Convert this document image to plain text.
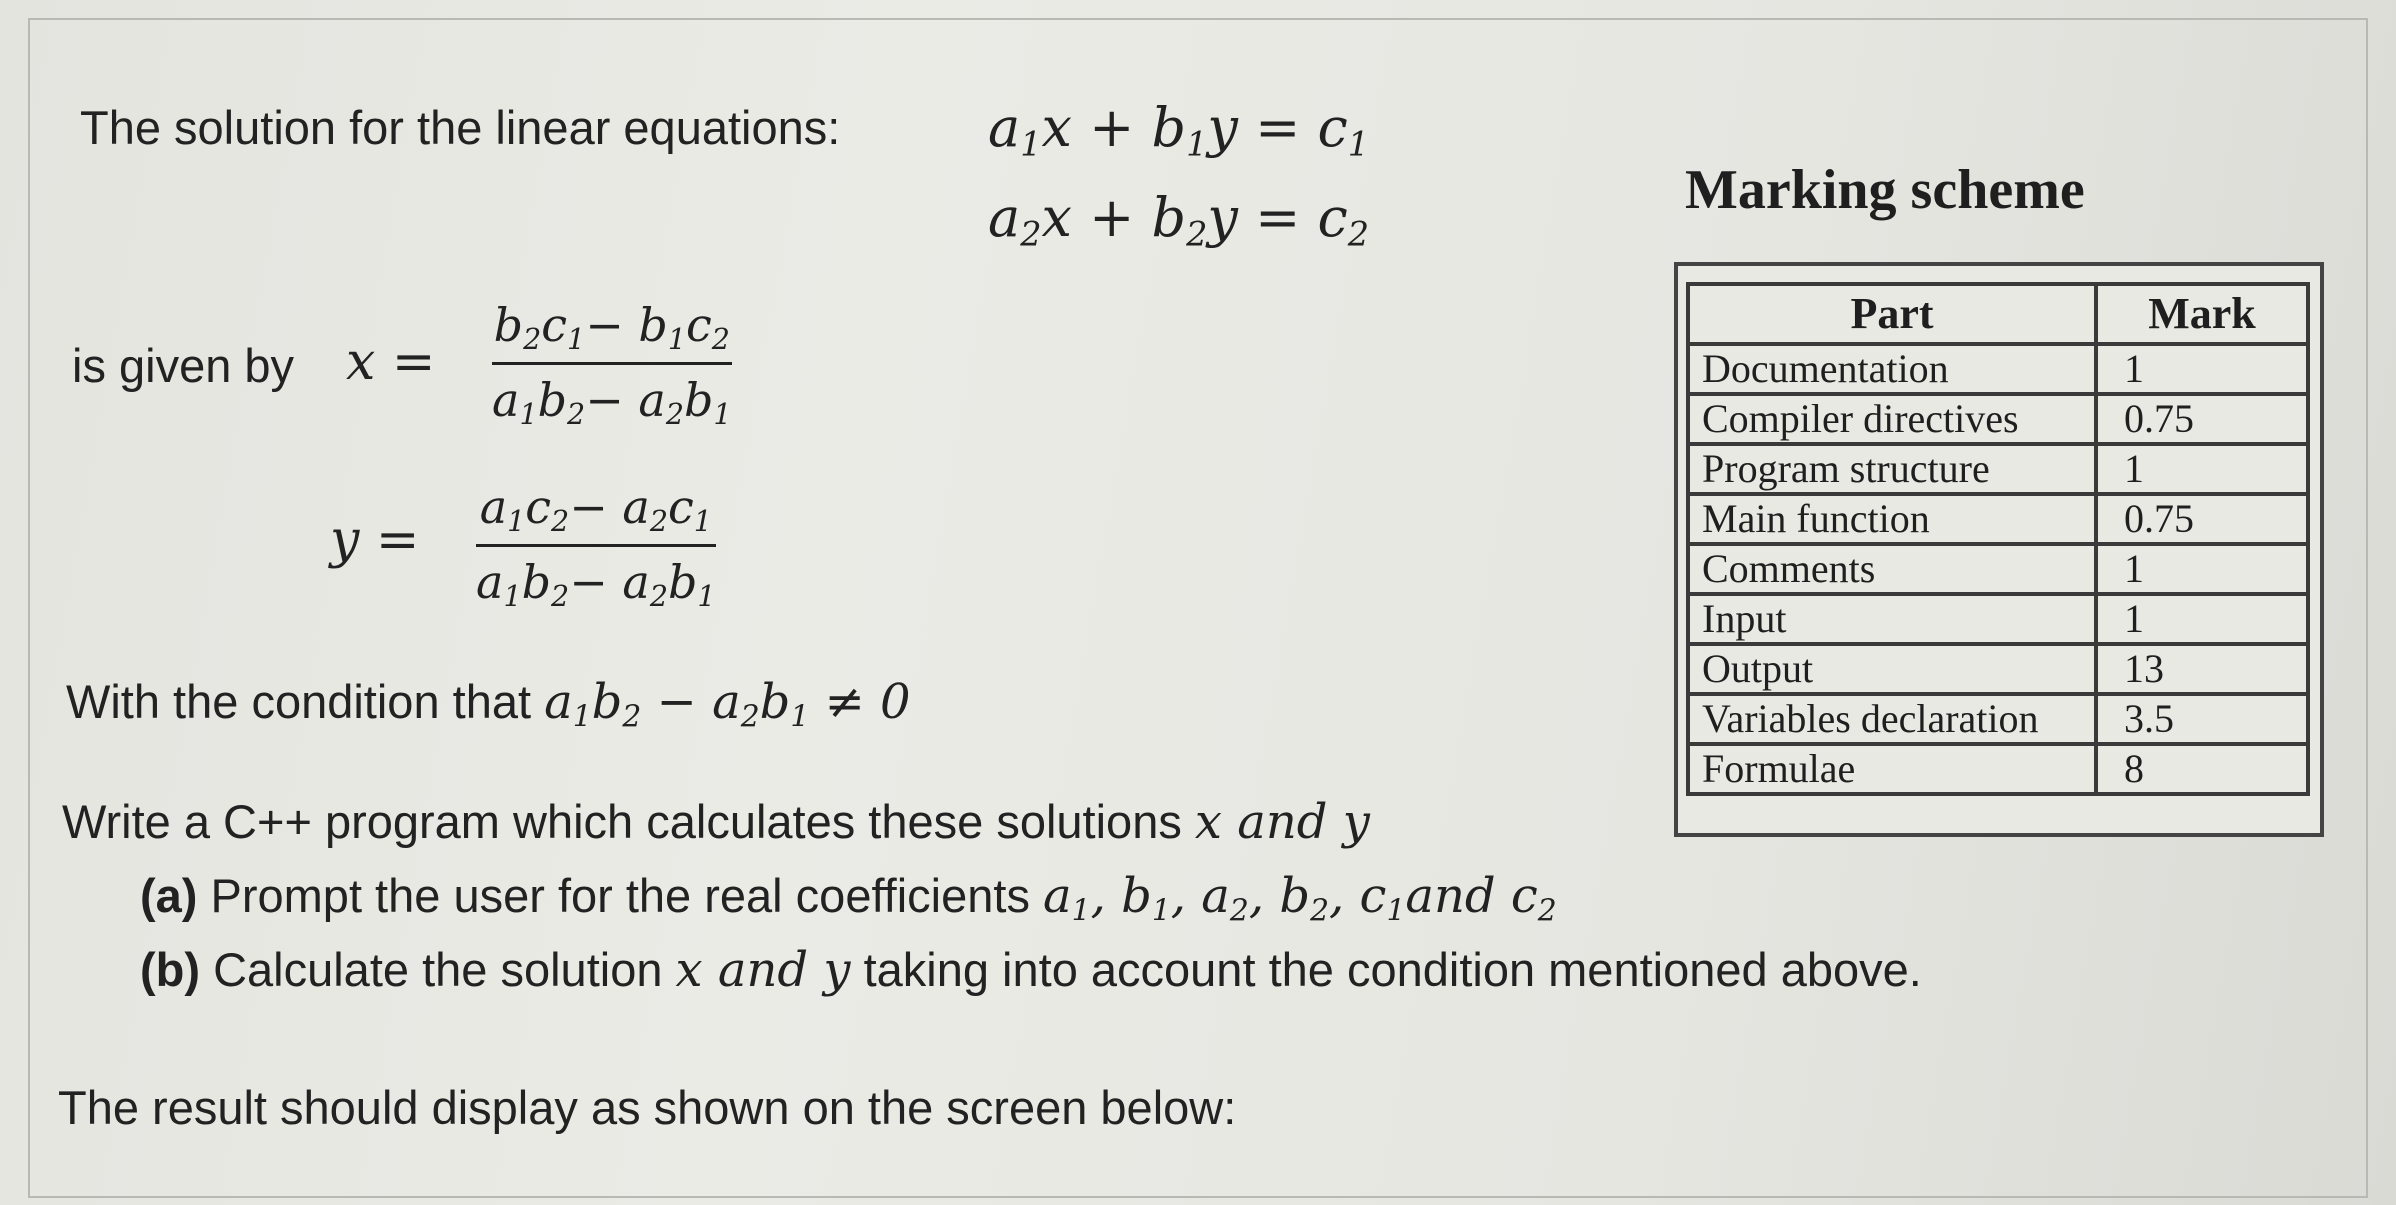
The solution for the linear equations:	$a_1x + b_1y = c_1$
$a_2x + b_2y = c_2$
is given by x =
$b_2c_1- b_1c_2$
$a_1b_2- a_2b_1$
y =
$a_1c_2- a_2c_1$
$a_1b_2- a_2b_1$
With the condition that $a_1b_2 - a_2b_1 \ne 0$
Write a C++ program which calculates these solutions x and y
(a) Prompt the user for the real coefficients $a_1$, $b_1$, $a_2$, $b_2$, $c_1and$ $c_2$
(b) Calculate the solution x and y taking into account the condition mentioned above.
The result should display as shown on the screen below:
Marking scheme
Part	Mark
Documentation	1
Compiler directives	0.75
Program structure	1
Main function	0.75
Comments	1
Input	1
Output	13
Variables declaration	3.5
Formulae	8
